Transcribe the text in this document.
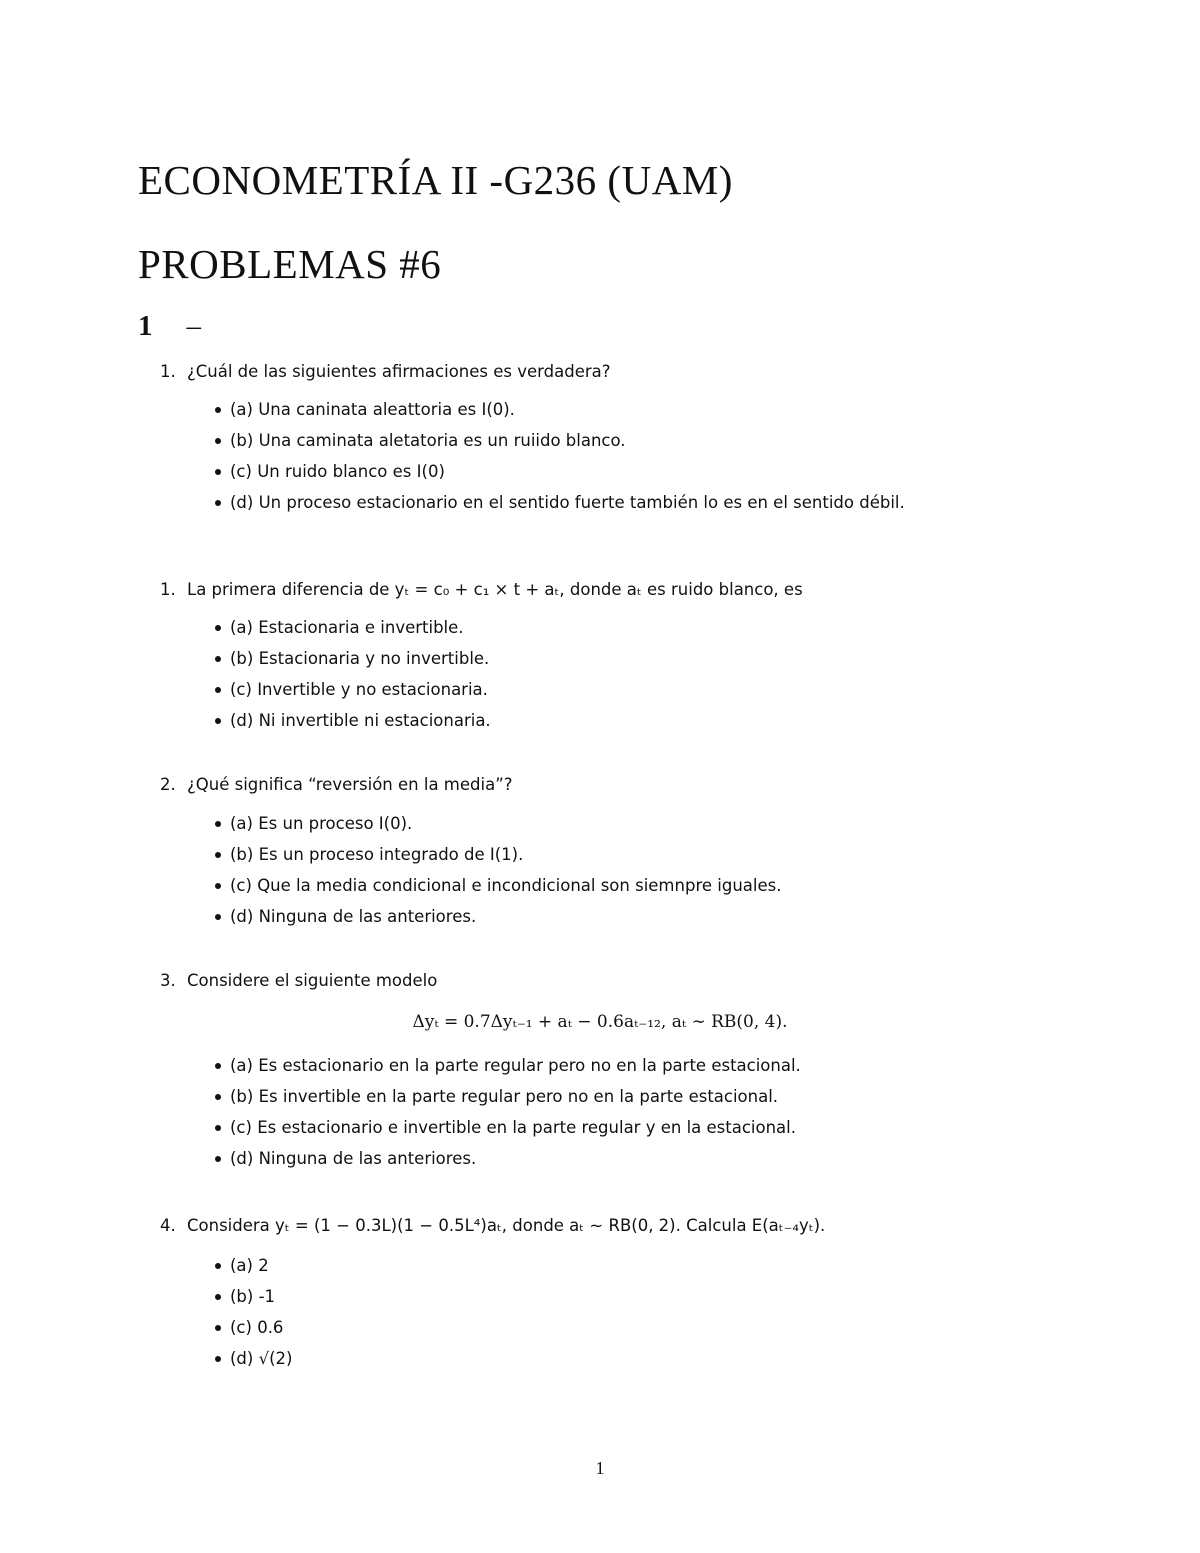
ECONOMETRÍA II -G236 (UAM)
PROBLEMAS #6
1 –
1. ¿Cuál de las siguientes afirmaciones es verdadera?
(a) Una caninata aleattoria es I(0).
(b) Una caminata aletatoria es un ruiido blanco.
(c) Un ruido blanco es I(0)
(d) Un proceso estacionario en el sentido fuerte también lo es en el sentido débil.
1. La primera diferencia de yₜ = c₀ + c₁ × t + aₜ, donde aₜ es ruido blanco, es
(a) Estacionaria e invertible.
(b) Estacionaria y no invertible.
(c) Invertible y no estacionaria.
(d) Ni invertible ni estacionaria.
2. ¿Qué significa “reversión en la media”?
(a) Es un proceso I(0).
(b) Es un proceso integrado de I(1).
(c) Que la media condicional e incondicional son siemnpre iguales.
(d) Ninguna de las anteriores.
3. Considere el siguiente modelo
Δyₜ = 0.7Δyₜ₋₁ + aₜ − 0.6aₜ₋₁₂, aₜ ∼ RB(0, 4).
(a) Es estacionario en la parte regular pero no en la parte estacional.
(b) Es invertible en la parte regular pero no en la parte estacional.
(c) Es estacionario e invertible en la parte regular y en la estacional.
(d) Ninguna de las anteriores.
4. Considera yₜ = (1 − 0.3L)(1 − 0.5L⁴)aₜ, donde aₜ ∼ RB(0, 2). Calcula E(aₜ₋₄yₜ).
(a) 2
(b) -1
(c) 0.6
(d) √(2)
1
